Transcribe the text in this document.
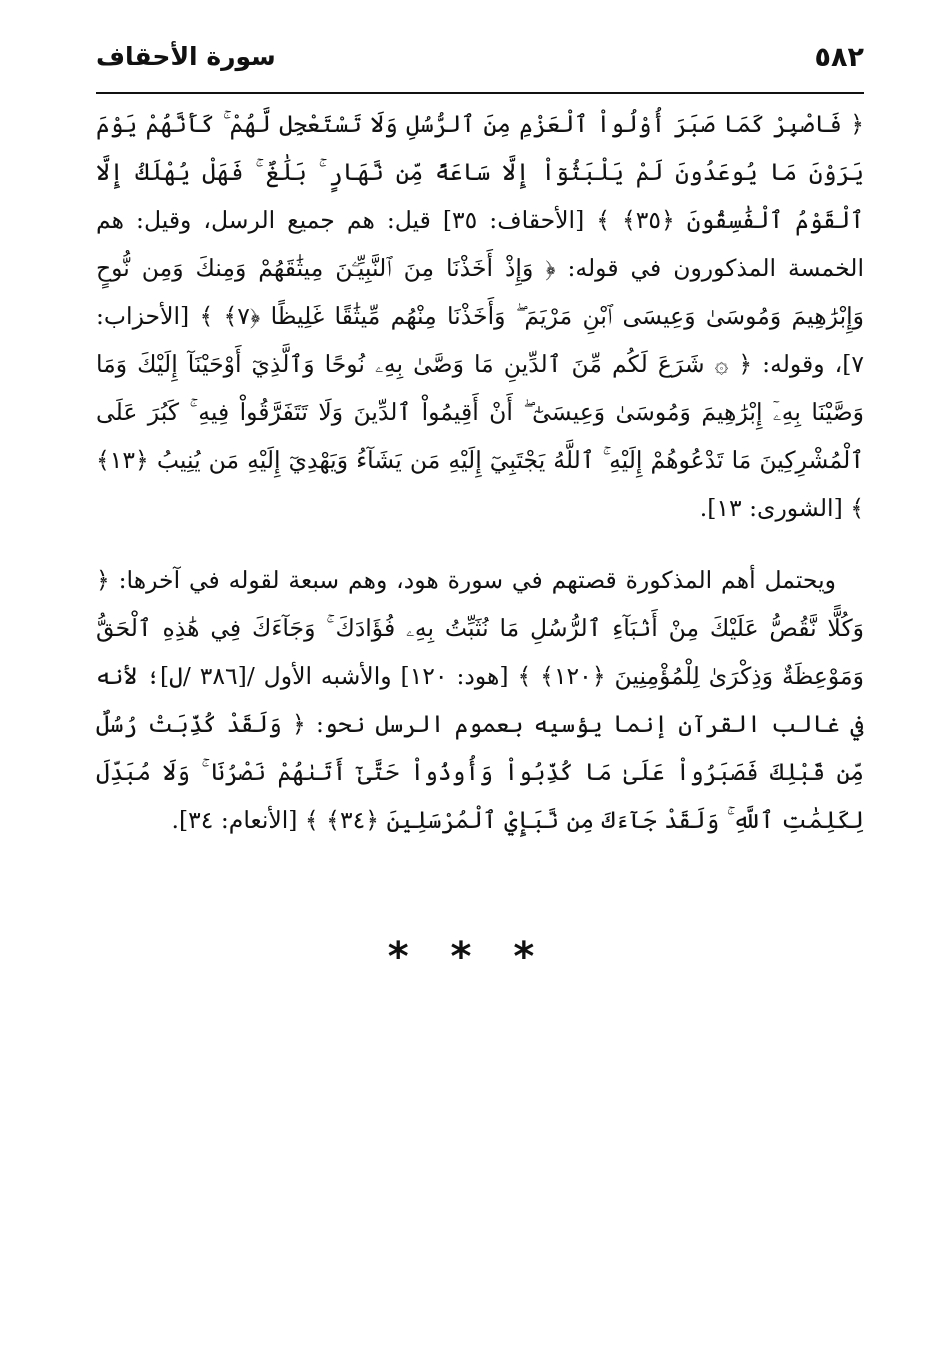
٥٨٢
سورة الأحقاف

﴿ فَاصْبِرْ كَمَا صَبَرَ أُوْلُواْ ٱلْعَزْمِ مِنَ ٱلرُّسُلِ وَلَا تَسْتَعْجِل لَّهُمْ ۚ كَأَنَّهُمْ يَوْمَ يَرَوْنَ مَا يُوعَدُونَ لَمْ يَلْبَثُوٓاْ إِلَّا سَاعَةً مِّن نَّهَارٍ ۚ بَلَٰغٌ ۚ فَهَلْ يُهْلَكُ إِلَّا ٱلْقَوْمُ ٱلْفَٰسِقُونَ ﴿٣٥﴾ ﴾ [الأحقاف: ٣٥] قيل: هم جميع الرسل، وقيل: هم الخمسة المذكورون في قوله: ﴿ وَإِذْ أَخَذْنَا مِنَ ٱلنَّبِيِّـۧنَ مِيثَٰقَهُمْ وَمِنكَ وَمِن نُّوحٍ وَإِبْرَٰهِيمَ وَمُوسَىٰ وَعِيسَى ٱبْنِ مَرْيَمَ ۖ وَأَخَذْنَا مِنْهُم مِّيثَٰقًا غَلِيظًا ﴿٧﴾ ﴾ [الأحزاب: ٧]، وقوله: ﴿ ۞ شَرَعَ لَكُم مِّنَ ٱلدِّينِ مَا وَصَّىٰ بِهِۦ نُوحًا وَٱلَّذِيٓ أَوْحَيْنَآ إِلَيْكَ وَمَا وَصَّيْنَا بِهِۦٓ إِبْرَٰهِيمَ وَمُوسَىٰ وَعِيسَىٰٓ ۖ أَنْ أَقِيمُواْ ٱلدِّينَ وَلَا تَتَفَرَّقُواْ فِيهِ ۚ كَبُرَ عَلَى ٱلْمُشْرِكِينَ مَا تَدْعُوهُمْ إِلَيْهِ ۚ ٱللَّهُ يَجْتَبِيٓ إِلَيْهِ مَن يَشَآءُ وَيَهْدِيٓ إِلَيْهِ مَن يُنِيبُ ﴿١٣﴾ ﴾ [الشورى: ١٣].

ويحتمل أهم المذكورة قصتهم في سورة هود، وهم سبعة لقوله في آخرها: ﴿ وَكُلًّا نَّقُصُّ عَلَيْكَ مِنْ أَنۢبَآءِ ٱلرُّسُلِ مَا نُثَبِّتُ بِهِۦ فُؤَادَكَ ۚ وَجَآءَكَ فِي هَٰذِهِ ٱلْحَقُّ وَمَوْعِظَةٌ وَذِكْرَىٰ لِلْمُؤْمِنِينَ ﴿١٢٠﴾ ﴾ [هود: ١٢٠] والأشبه الأول /[٣٨٦ /ل]؛ لأنه في غالب القرآن إنما يؤسيه بعموم الرسل نحو: ﴿ وَلَقَدْ كُذِّبَتْ رُسُلٌ مِّن قَبْلِكَ فَصَبَرُواْ عَلَىٰ مَا كُذِّبُواْ وَأُوذُواْ حَتَّىٰٓ أَتَىٰهُمْ نَصْرُنَا ۚ وَلَا مُبَدِّلَ لِكَلِمَٰتِ ٱللَّهِ ۚ وَلَقَدْ جَآءَكَ مِن نَّبَإِيْ ٱلْمُرْسَلِينَ ﴿٣٤﴾ ﴾ [الأنعام: ٣٤].

* * *
